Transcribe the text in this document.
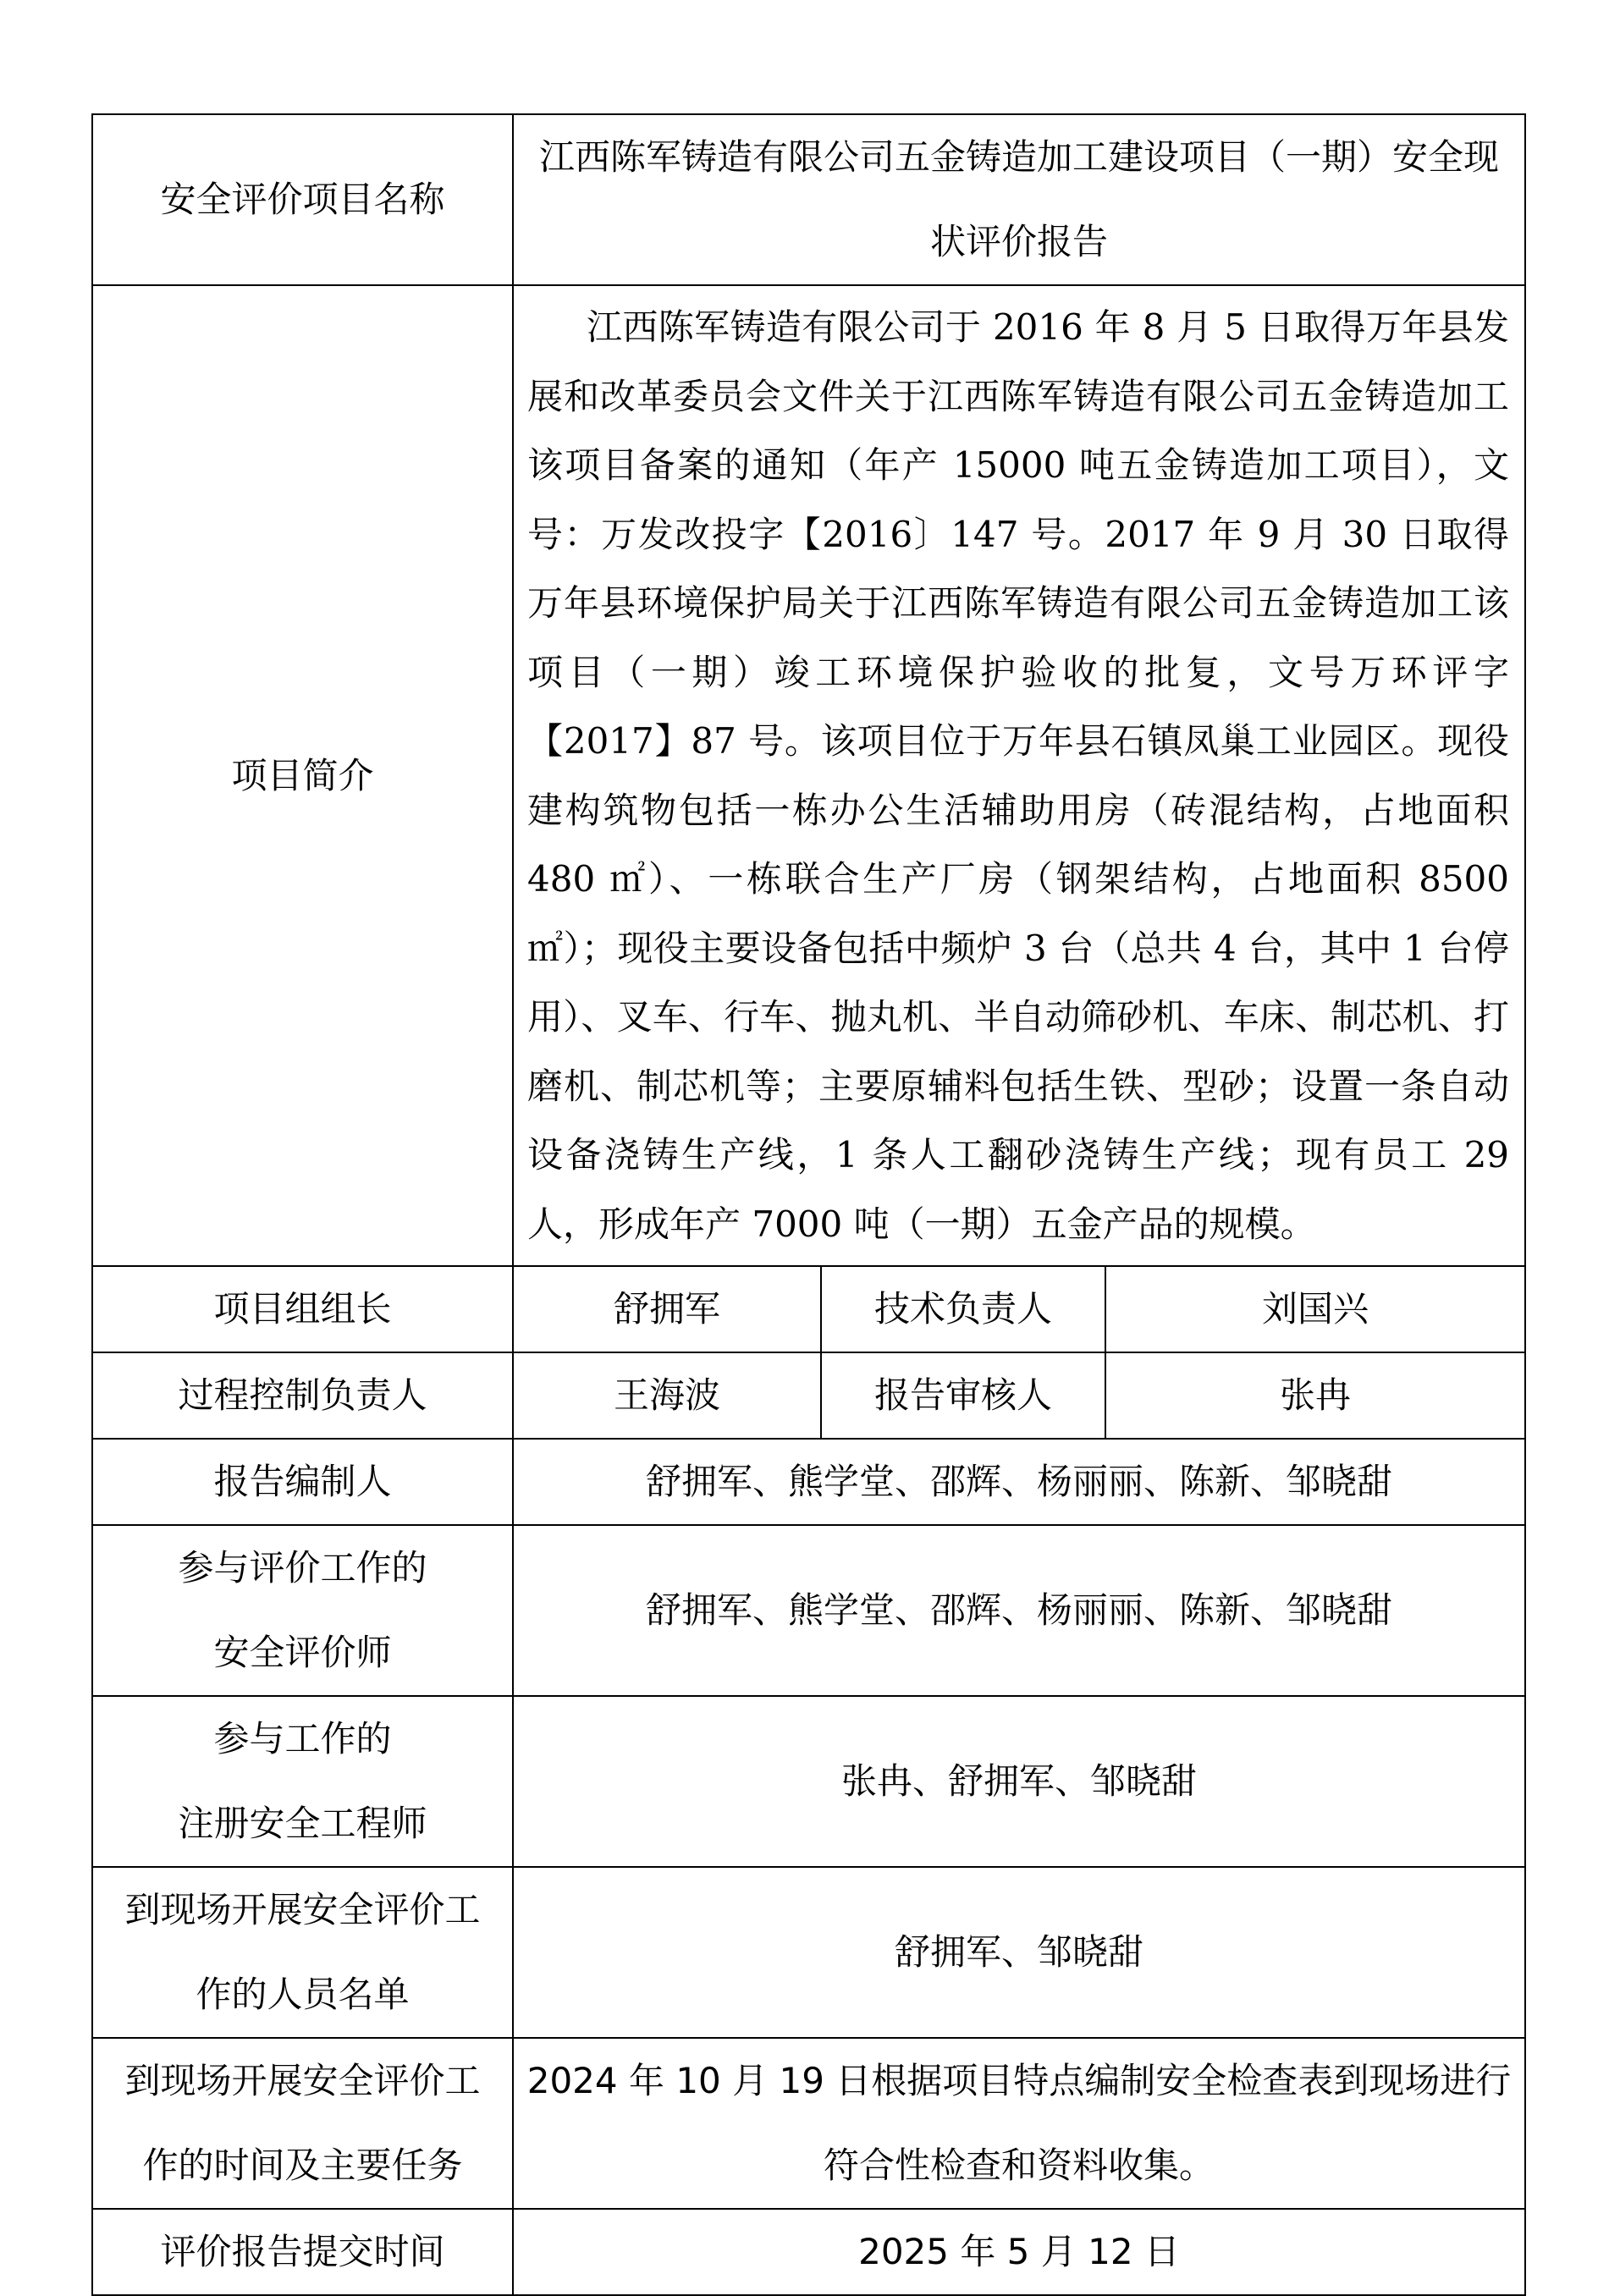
安全评价项目名称	江西陈军铸造有限公司五金铸造加工建设项目（一期）安全现状评价报告		
项目简介	江西陈军铸造有限公司于 2016 年 8 月 5 日取得万年县发展和改革委员会文件关于江西陈军铸造有限公司五金铸造加工该项目备案的通知（年产 15000 吨五金铸造加工项目），文号：万发改投字【2016〕147 号。2017 年 9 月 30 日取得万年县环境保护局关于江西陈军铸造有限公司五金铸造加工该项目（一期）竣工环境保护验收的批复，文号万环评字【2017】87 号。该项目位于万年县石镇凤巢工业园区。现役建构筑物包括一栋办公生活辅助用房（砖混结构，占地面积 480 ㎡）、一栋联合生产厂房（钢架结构，占地面积 8500 ㎡）；现役主要设备包括中频炉 3 台（总共 4 台，其中 1 台停用）、叉车、行车、抛丸机、半自动筛砂机、车床、制芯机、打磨机、制芯机等；主要原辅料包括生铁、型砂；设置一条自动设备浇铸生产线，1 条人工翻砂浇铸生产线；现有员工 29 人，形成年产 7000 吨（一期）五金产品的规模。		

项目组组长	舒拥军	技术负责人	刘国兴
过程控制负责人	王海波	报告审核人	张冉
报告编制人	舒拥军、熊学堂、邵辉、杨丽丽、陈新、邹晓甜		

参与评价工作的
安全评价师	舒拥军、熊学堂、邵辉、杨丽丽、陈新、邹晓甜		

参与工作的
注册安全工程师	张冉、舒拥军、邹晓甜		

到现场开展安全评价工
作的人员名单	舒拥军、邹晓甜		

到现场开展安全评价工
作的时间及主要任务	2024 年 10 月 19 日根据项目特点编制安全检查表到现场进行符合性检查和资料收集。		
评价报告提交时间	2025 年 5 月 12 日		
